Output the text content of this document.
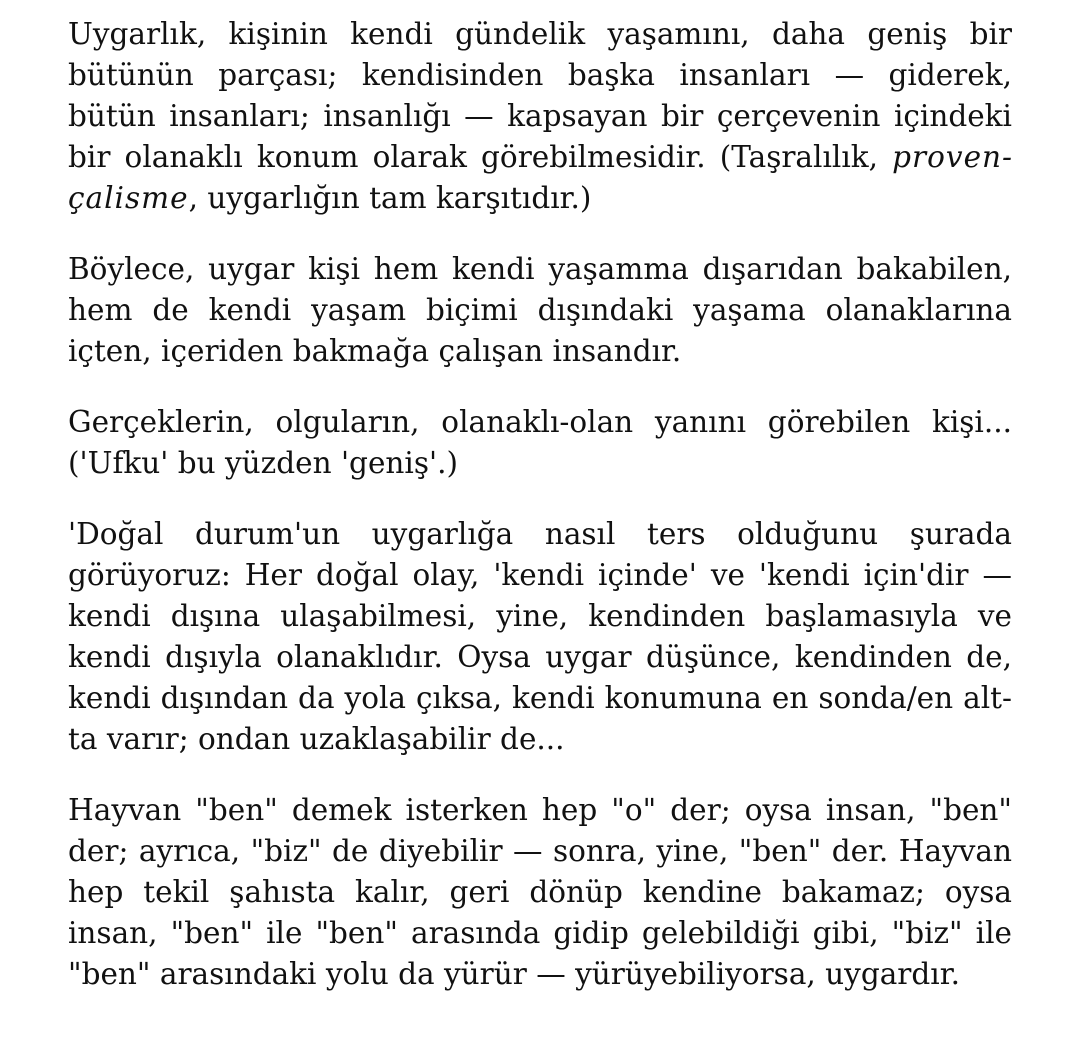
Uygarlık, kişinin kendi gündelik yaşamını, daha geniş bir bütünün parçası; kendisinden başka insanları — giderek, bütün insanları; insanlığı — kapsayan bir çerçevenin içindeki bir olanaklı konum olarak görebilmesidir. (Taşralılık, provençalisme, uygarlığın tam karşıtıdır.)

Böylece, uygar kişi hem kendi yaşamma dışarıdan bakabilen, hem de kendi yaşam biçimi dışındaki yaşama olanaklarına içten, içeriden bakmağa çalışan insandır.

Gerçeklerin, olguların, olanaklı-olan yanını görebilen kişi... ('Ufku' bu yüzden 'geniş'.)

'Doğal durum'un uygarlığa nasıl ters olduğunu şurada görüyoruz: Her doğal olay, 'kendi içinde' ve 'kendi için'dir — kendi dışına ulaşabilmesi, yine, kendinden başlamasıyla ve kendi dışıyla olanaklıdır. Oysa uygar düşünce, kendinden de, kendi dışından da yola çıksa, kendi konumuna en sonda/en altta varır; ondan uzaklaşabilir de...

Hayvan "ben" demek isterken hep "o" der; oysa insan, "ben" der; ayrıca, "biz" de diyebilir — sonra, yine, "ben" der. Hayvan hep tekil şahısta kalır, geri dönüp kendine bakamaz; oysa insan, "ben" ile "ben" arasında gidip gelebildiği gibi, "biz" ile "ben" arasındaki yolu da yürür — yürüyebiliyorsa, uygardır.
